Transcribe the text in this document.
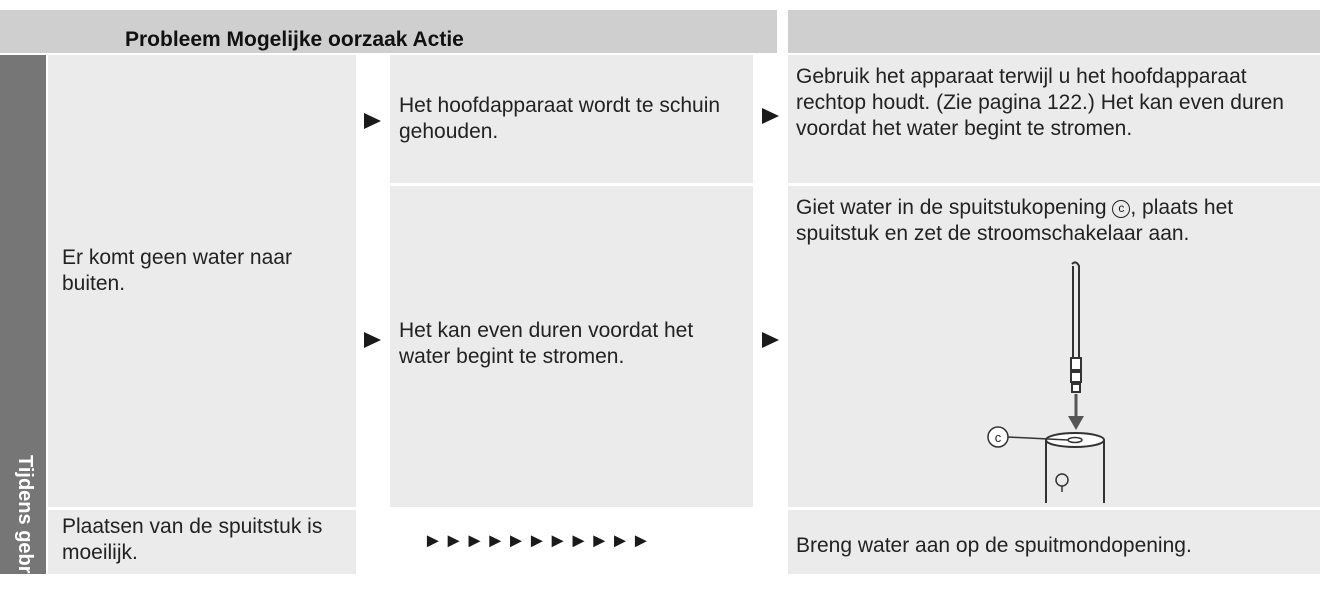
Probleem Mogelijke oorzaak Actie
Tijdens gebruik
Er komt geen water naar buiten.
Het hoofdapparaat wordt te schuin gehouden.
Het kan even duren voordat het water begint te stromen.
Gebruik het apparaat terwijl u het hoofdapparaat rechtop houdt. (Zie pagina 122.) Het kan even duren voordat het water begint te stromen.
Giet water in de spuitstukopening c , plaats het spuitstuk en zet de stroomschakelaar aan.
c
Plaatsen van de spuitstuk is moeilijk.	►►►►►►►►►►►	Breng water aan op de spuitmondopening.
